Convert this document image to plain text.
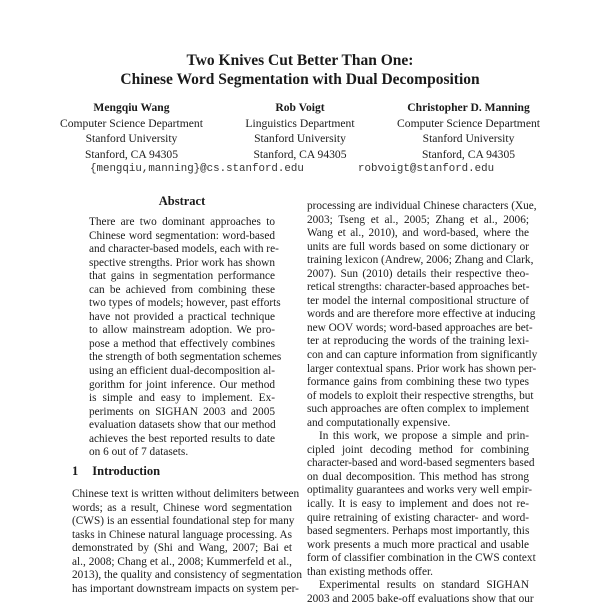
Two Knives Cut Better Than One:
Chinese Word Segmentation with Dual Decomposition
Mengqiu Wang
Computer Science Department
Stanford University
Stanford, CA 94305
Rob Voigt
Linguistics Department
Stanford University
Stanford, CA 94305
Christopher D. Manning
Computer Science Department
Stanford University
Stanford, CA 94305
{mengqiu,manning}@cs.stanford.edu	robvoigt@stanford.edu
Abstract
There are two dominant approaches to
Chinese word segmentation: word-based
and character-based models, each with re-
spective strengths. Prior work has shown
that gains in segmentation performance
can be achieved from combining these
two types of models; however, past efforts
have not provided a practical technique
to allow mainstream adoption. We pro-
pose a method that effectively combines
the strength of both segmentation schemes
using an efficient dual-decomposition al-
gorithm for joint inference. Our method
is simple and easy to implement. Ex-
periments on SIGHAN 2003 and 2005
evaluation datasets show that our method
achieves the best reported results to date
on 6 out of 7 datasets.
1 Introduction
Chinese text is written without delimiters between
words; as a result, Chinese word segmentation
(CWS) is an essential foundational step for many
tasks in Chinese natural language processing. As
demonstrated by (Shi and Wang, 2007; Bai et
al., 2008; Chang et al., 2008; Kummerfeld et al.,
2013), the quality and consistency of segmentation
has important downstream impacts on system per-
processing are individual Chinese characters (Xue,
2003; Tseng et al., 2005; Zhang et al., 2006;
Wang et al., 2010), and word-based, where the
units are full words based on some dictionary or
training lexicon (Andrew, 2006; Zhang and Clark,
2007). Sun (2010) details their respective theo-
retical strengths: character-based approaches bet-
ter model the internal compositional structure of
words and are therefore more effective at inducing
new OOV words; word-based approaches are bet-
ter at reproducing the words of the training lexi-
con and can capture information from significantly
larger contextual spans. Prior work has shown per-
formance gains from combining these two types
of models to exploit their respective strengths, but
such approaches are often complex to implement
and computationally expensive.
In this work, we propose a simple and prin-
cipled joint decoding method for combining
character-based and word-based segmenters based
on dual decomposition. This method has strong
optimality guarantees and works very well empir-
ically. It is easy to implement and does not re-
quire retraining of existing character- and word-
based segmenters. Perhaps most importantly, this
work presents a much more practical and usable
form of classifier combination in the CWS context
than existing methods offer.
Experimental results on standard SIGHAN
2003 and 2005 bake-off evaluations show that our
